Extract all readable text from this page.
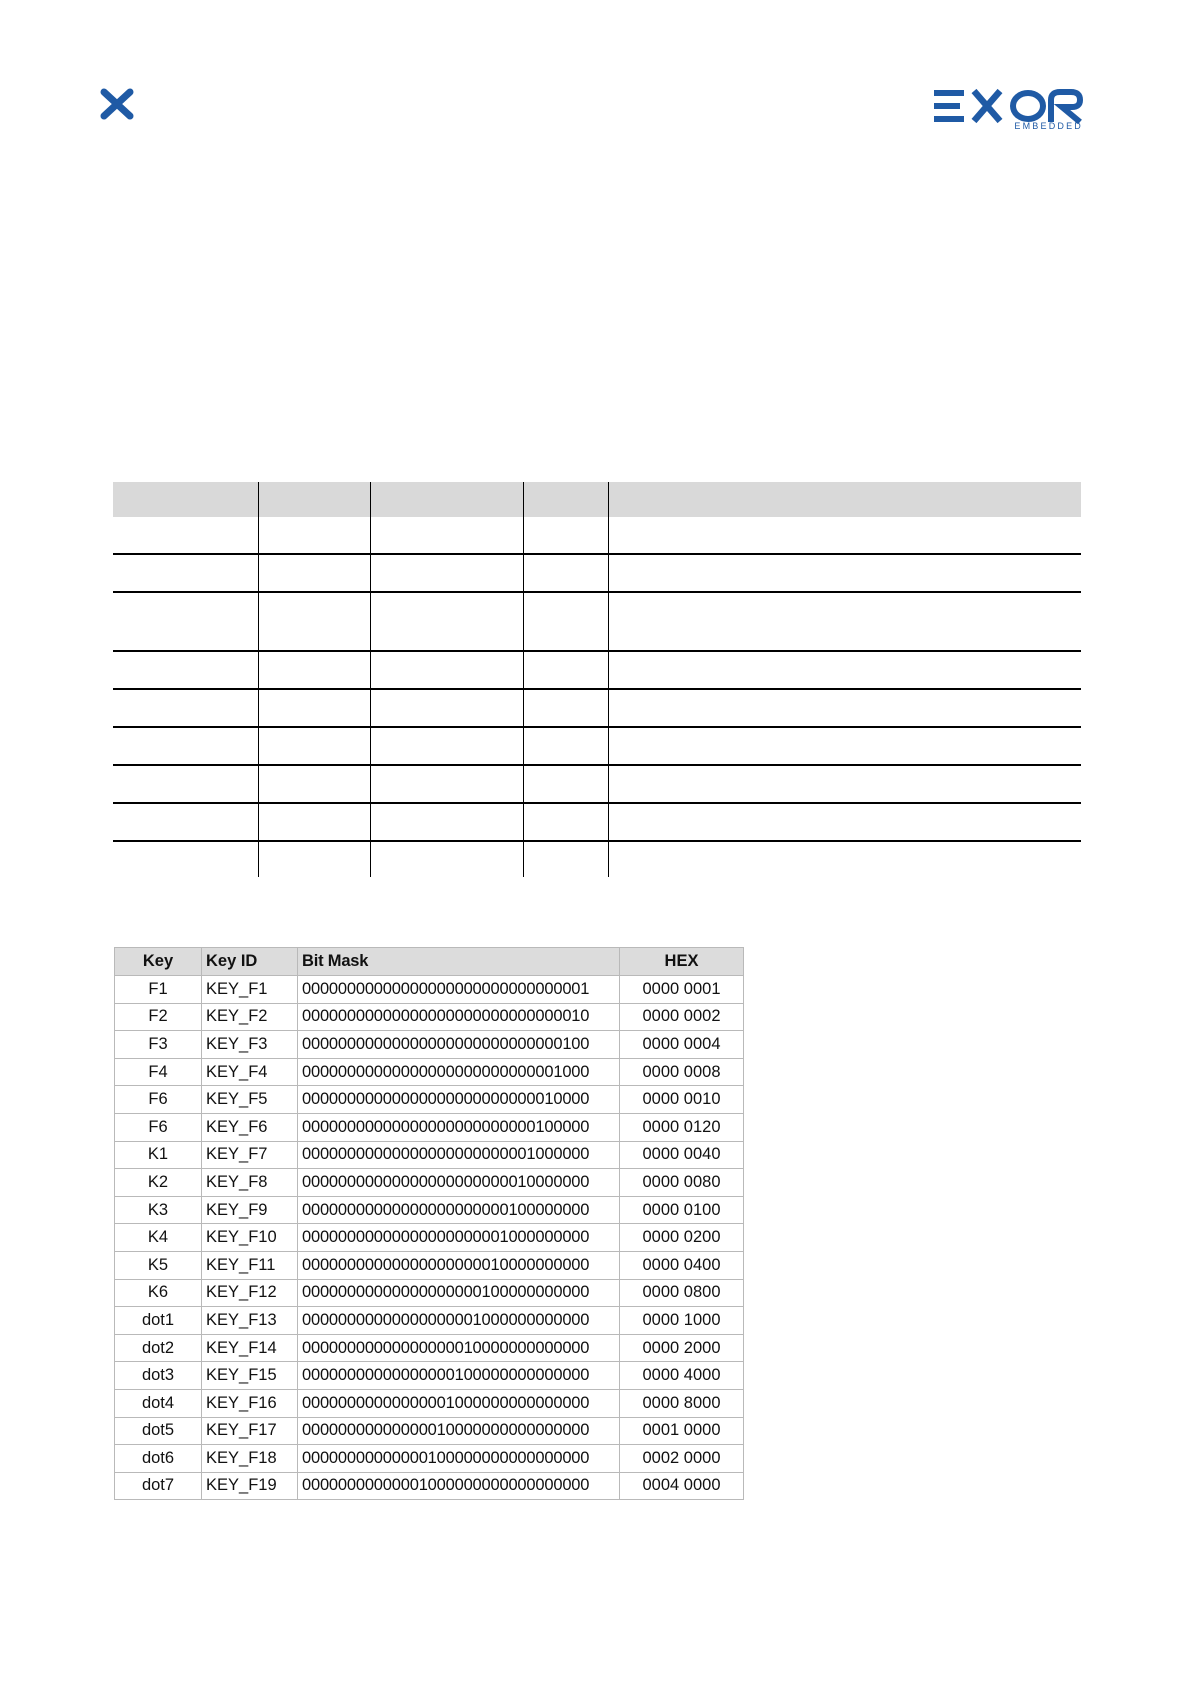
EMBEDDED

Key	Key ID	Bit Mask	HEX
F1	KEY_F1	00000000000000000000000000000001	0000 0001
F2	KEY_F2	00000000000000000000000000000010	0000 0002
F3	KEY_F3	00000000000000000000000000000100	0000 0004
F4	KEY_F4	00000000000000000000000000001000	0000 0008
F6	KEY_F5	00000000000000000000000000010000	0000 0010
F6	KEY_F6	00000000000000000000000000100000	0000 0120
K1	KEY_F7	00000000000000000000000001000000	0000 0040
K2	KEY_F8	00000000000000000000000010000000	0000 0080
K3	KEY_F9	00000000000000000000000100000000	0000 0100
K4	KEY_F10	00000000000000000000001000000000	0000 0200
K5	KEY_F11	00000000000000000000010000000000	0000 0400
K6	KEY_F12	00000000000000000000100000000000	0000 0800
dot1	KEY_F13	00000000000000000001000000000000	0000 1000
dot2	KEY_F14	00000000000000000010000000000000	0000 2000
dot3	KEY_F15	00000000000000000100000000000000	0000 4000
dot4	KEY_F16	00000000000000001000000000000000	0000 8000
dot5	KEY_F17	00000000000000010000000000000000	0001 0000
dot6	KEY_F18	00000000000000100000000000000000	0002 0000
dot7	KEY_F19	00000000000001000000000000000000	0004 0000
